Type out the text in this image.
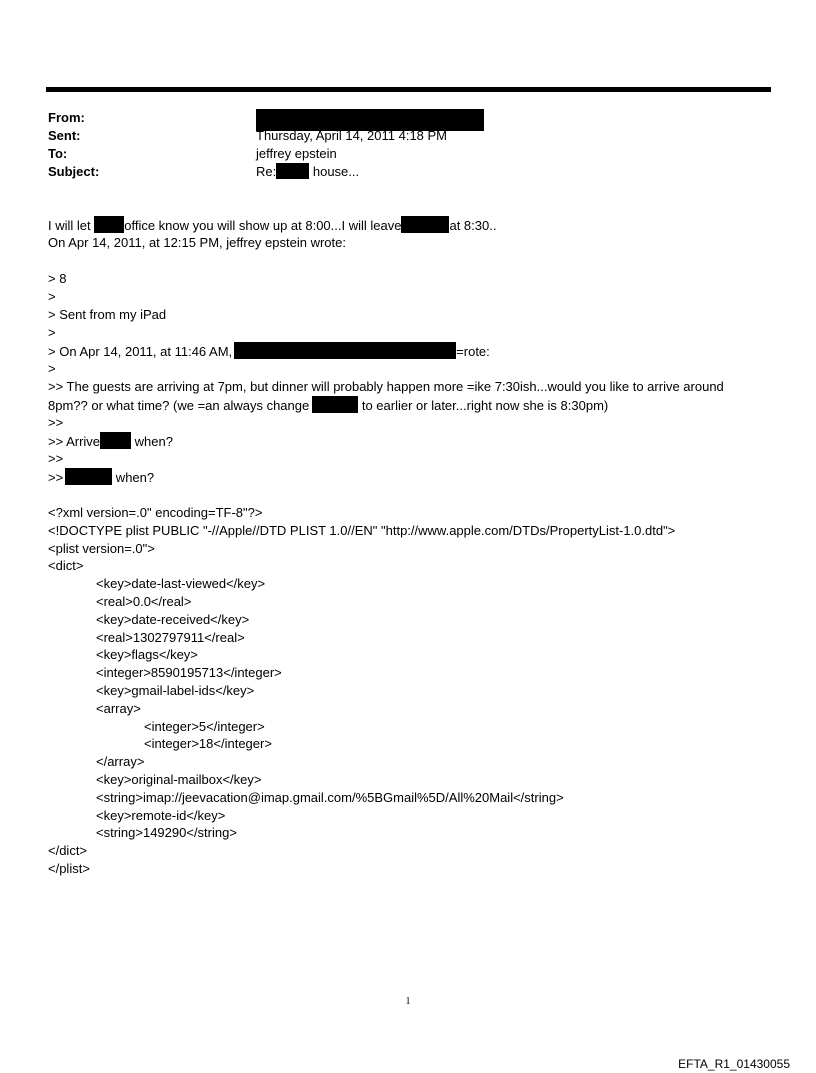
From:
Sent:	Thursday, April 14, 2011 4:18 PM
To:	jeffrey epstein
Subject:	Re:	house...
I will let office know you will show up at 8:00...I will leave	at 8:30..
On Apr 14, 2011, at 12:15 PM, jeffrey epstein wrote:
> 8
>
> Sent from my iPad
>
> On Apr 14, 2011, at 11:46 AM,	=rote:
>
>> The guests are arriving at 7pm, but dinner will probably happen more =ike 7:30ish...would you like to arrive around
8pm?? or what time? (we =an always change	to earlier or later...right now she is 8:30pm)
>>
>> Arrive when?
>>
>>	when?
<?xml version=.0" encoding=TF-8"?>
<!DOCTYPE plist PUBLIC "-//Apple//DTD PLIST 1.0//EN" "http://www.apple.com/DTDs/PropertyList-1.0.dtd">
<plist version=.0">
<dict>
<key>date-last-viewed</key>
<real>0.0</real>
<key>date-received</key>
<real>1302797911</real>
<key>flags</key>
<integer>8590195713</integer>
<key>gmail-label-ids</key>
<array>
<integer>5</integer>
<integer>18</integer>
</array>
<key>original-mailbox</key>
<string>imap://jeevacation@imap.gmail.com/%5BGmail%5D/All%20Mail</string>
<key>remote-id</key>
<string>149290</string>
</dict>
</plist>
1
EFTA_R1_01430055
